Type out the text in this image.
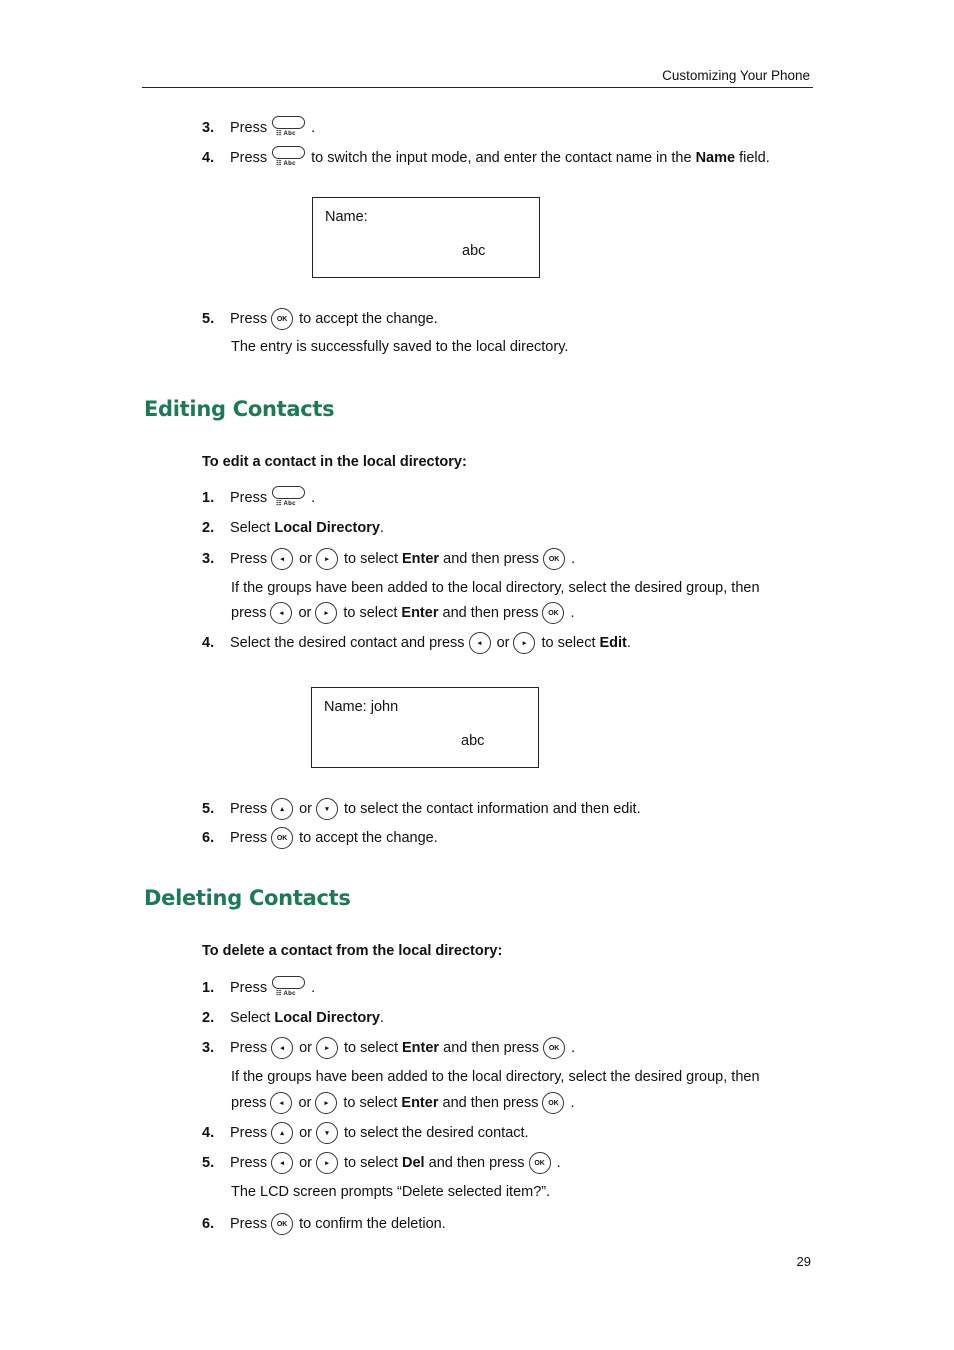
Customizing Your Phone
3.	Press ☷ Abc .
4.	Press ☷ Abc to switch the input mode, and enter the contact name in the
Name
field.
Name:
abc
5.	Press	OK to accept the change.
The entry is successfully saved to the local directory.
Editing Contacts
To edit a contact in the local directory:
1.	Press ☷ Abc .
2.	Select
Local Directory .
3.	Press	◂	or	▸	to select
Enter
and then press	OK .
If the groups have been added to the local directory, select the desired group, then
press	◂	or	▸	to select
Enter
and then press	OK .
4.	Select the desired contact and press	◂	or	▸	to select
Edit .
Name: john
abc
5.	Press	▴	or	▾	to select the contact information and then edit.
6.	Press	OK to accept the change.
Deleting Contacts
To delete a contact from the local directory:
1.	Press ☷ Abc .
2.	Select
Local Directory .
3.	Press	◂	or	▸	to select
Enter
and then press	OK .
If the groups have been added to the local directory, select the desired group, then
press	◂	or	▸	to select
Enter
and then press	OK .
4.	Press	▴	or	▾	to select the desired contact.
5.	Press	◂	or	▸	to select
Del
and then press	OK .
The LCD screen prompts “Delete selected item?”.
6.	Press	OK to confirm the deletion.
29
